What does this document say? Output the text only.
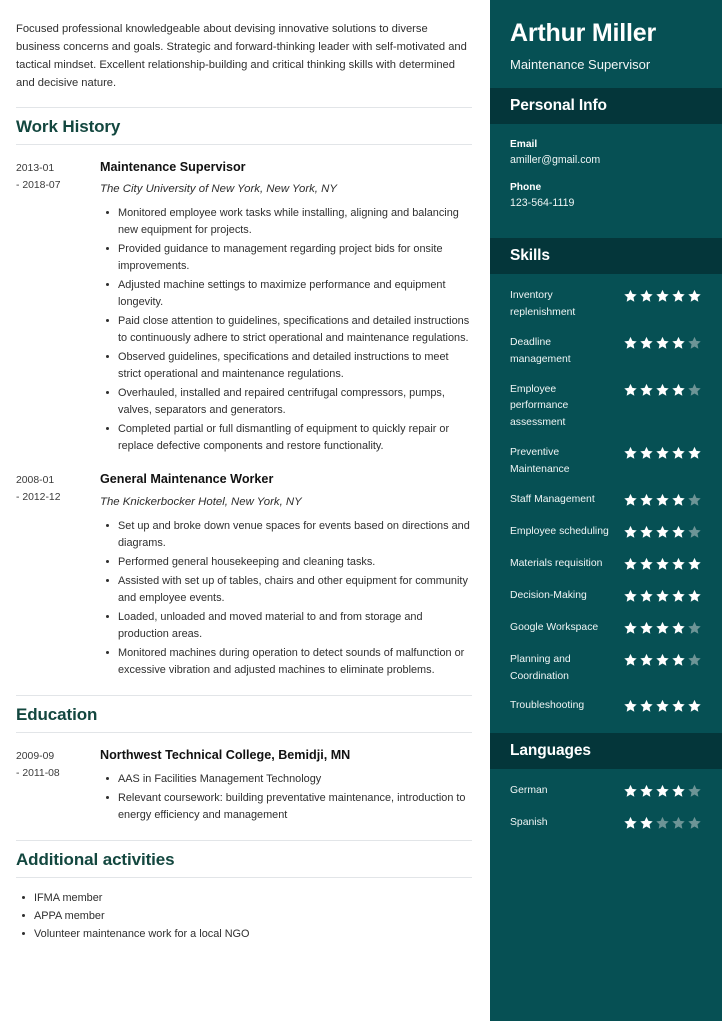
Focused professional knowledgeable about devising innovative solutions to diverse business concerns and goals. Strategic and forward-thinking leader with self-motivated and tactical mindset. Excellent relationship-building and critical thinking skills with determined and decisive nature.

Work History
2013-01
- 2018-07
Maintenance Supervisor
The City University of New York, New York, NY
Monitored employee work tasks while installing, aligning and balancing new equipment for projects.
Provided guidance to management regarding project bids for onsite improvements.
Adjusted machine settings to maximize performance and equipment longevity.
Paid close attention to guidelines, specifications and detailed instructions to continuously adhere to strict operational and maintenance regulations.
Observed guidelines, specifications and detailed instructions to meet strict operational and maintenance regulations.
Overhauled, installed and repaired centrifugal compressors, pumps, valves, separators and generators.
Completed partial or full dismantling of equipment to quickly repair or replace defective components and restore functionality.
2008-01
- 2012-12
General Maintenance Worker
The Knickerbocker Hotel, New York, NY
Set up and broke down venue spaces for events based on directions and diagrams.
Performed general housekeeping and cleaning tasks.
Assisted with set up of tables, chairs and other equipment for community and employee events.
Loaded, unloaded and moved material to and from storage and production areas.
Monitored machines during operation to detect sounds of malfunction or excessive vibration and adjusted machines to eliminate problems.
Education
2009-09
- 2011-08
Northwest Technical College, Bemidji, MN
AAS in Facilities Management Technology
Relevant coursework: building preventative maintenance, introduction to energy efficiency and management
Additional activities
IFMA member
APPA member
Volunteer maintenance work for a local NGO
Arthur Miller
Maintenance Supervisor
Personal Info
Email
amiller@gmail.com
Phone
123-564-1119
Skills
Inventory replenishment
Deadline management
Employee performance assessment
Preventive Maintenance
Staff Management
Employee scheduling
Materials requisition
Decision-Making
Google Workspace
Planning and Coordination
Troubleshooting
Languages
German
Spanish
